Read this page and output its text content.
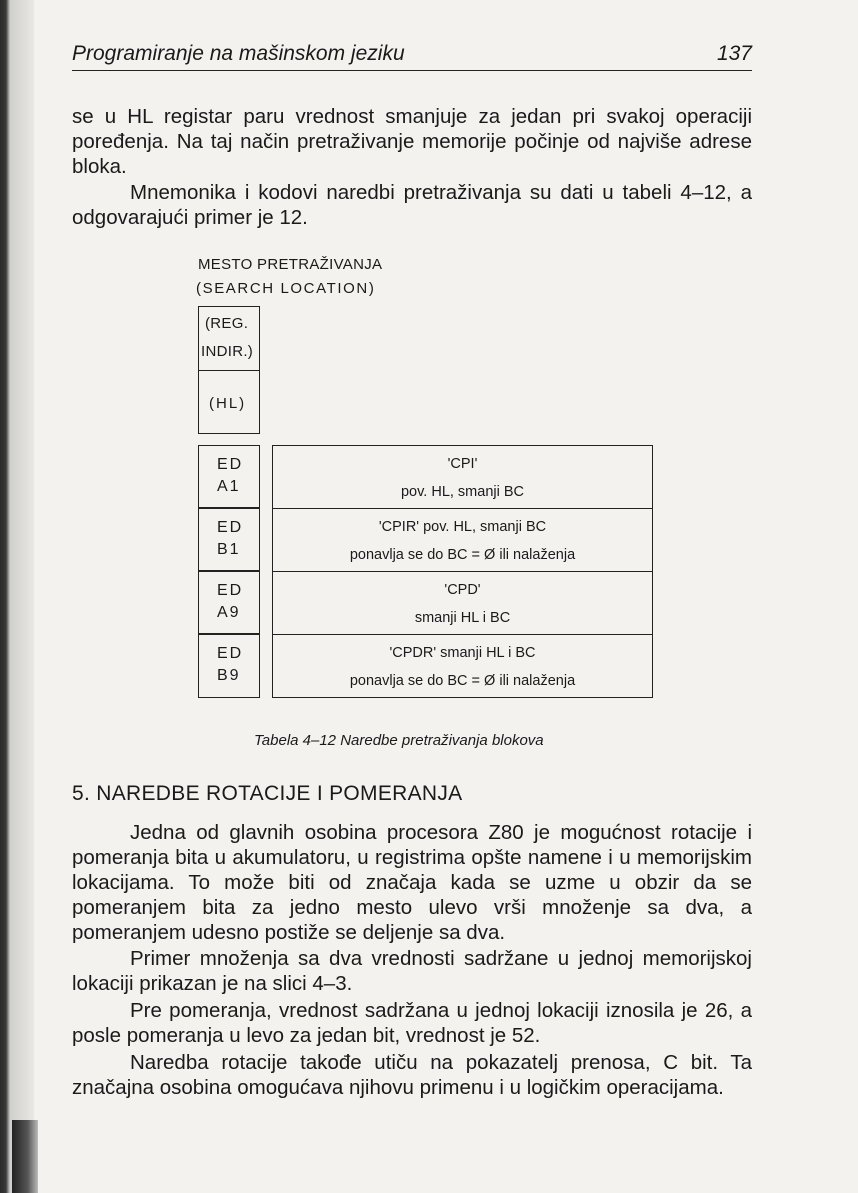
Programiranje na mašinskom jeziku	137

se u HL registar paru vrednost smanjuje za jedan pri svakoj operaciji poređenja. Na taj način pretraživanje memorije počinje od najviše adrese bloka.

Mnemonika i kodovi naredbi pretraživanja su dati u tabeli 4–12, a odgovarajući primer je 12.

MESTO PRETRAŽIVANJA
(SEARCH LOCATION)
(REG.
INDIR.)
(HL)
ED
A1
ED
B1
ED
A9
ED
B9
'CPI'
pov. HL, smanji BC
'CPIR' pov. HL, smanji BC
ponavlja se do BC = Ø ili nalaženja
'CPD'
smanji HL i BC
'CPDR' smanji HL i BC
ponavlja se do BC = Ø ili nalaženja
Tabela 4–12 Naredbe pretraživanja blokova
5. NAREDBE ROTACIJE I POMERANJA

Jedna od glavnih osobina procesora Z80 je mogućnost rotacije i pomeranja bita u akumulatoru, u registrima opšte namene i u memorijskim lokacijama. To može biti od značaja kada se uzme u obzir da se pomeranjem bita za jedno mesto ulevo vrši množenje sa dva, a pomeranjem udesno postiže se deljenje sa dva.

Primer množenja sa dva vrednosti sadržane u jednoj memorijskoj lokaciji prikazan je na slici 4–3.

Pre pomeranja, vrednost sadržana u jednoj lokaciji iznosila je 26, a posle pomeranja u levo za jedan bit, vrednost je 52.

Naredba rotacije takođe utiču na pokazatelj prenosa, C bit. Ta značajna osobina omogućava njihovu primenu i u logičkim operacijama.
